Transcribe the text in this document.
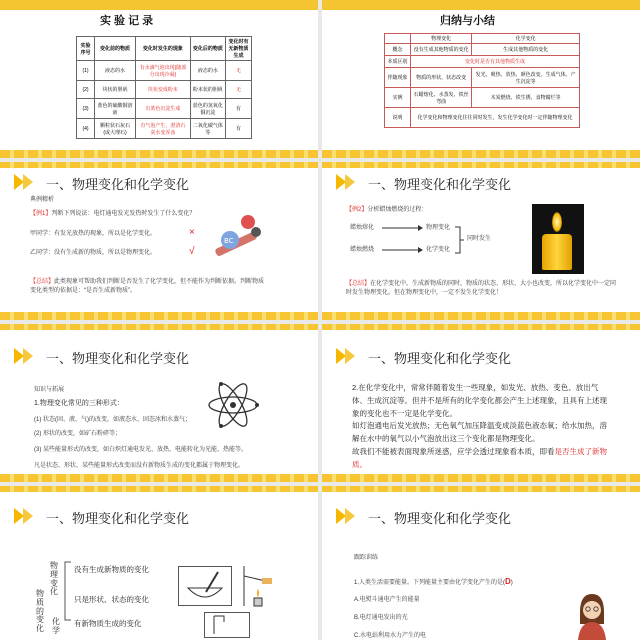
实 验 记 录
实验序号	变化前的物质	变化时发生的现象	变化后的物质	变化时有无新物质生成
(1)	液态的水	有水滴气泡出现(随部分出现冷凝)	液态的水	无
(2)	块状的胆矾	块状变成粉末	粉末状的胆矾	无
(3)	蓝色的硫酸铜溶液	有蓝色沉淀生成	蓝色的氢氧化铜沉淀	有
(4)	颗粒状石灰石(或大理石)	有气泡产生，澄清石灰水变浑浊	二氧化碳气体等	有
归纳与小结
	物理变化	化学变化
概念	没有生成其他物质的变化	生成其他物质的变化
本质区别	变化时是否有其他物质生成	
伴随现象	物质的形状、状态改变	发光、吸热、放热、颜色改变、生成气体、产生沉淀等
实例	石蜡熔化、水蒸发、铁丝弯曲	木炭燃烧、铁生锈、食物腐烂等
说明	化学变化和物理变化往往同时发生，发生化学变化时一定伴随物理变化	
一、物理变化和化学变化
典例精析
【例1】判断下列说法：电灯通电发光发热时发生了什么变化？
甲同学：有发光放热的现象，所以是化学变化。	×
乙同学：没有生成新的物质，所以是物理变化。	√
BC
【总结】此类现象可帮助我们判断是否发生了化学变化，但不能作为判断依据。判断物质变化类型的依据是：“是否生成新物质”。
一、物理变化和化学变化
【例2】分析蜡烛燃烧的过程：
蜡烛熔化
蜡烛燃烧
物理变化
化学变化
同时发生
【总结】在化学变化中，生成新物质的同时，物质的状态、形状、大小也改变，所以化学变化中一定同时发生物理变化，但在物理变化中，一定不发生化学变化！
一、物理变化和化学变化
知识与拓展
1.物理变化常见的三种形式：
(1) 状态(固、液、气)的改变，如液态水、固态冰和水蒸气；
(2) 形状的改变，如矿石粉碎等；
(3) 某些能量形式的改变，如白炽灯通电发光、放热，电能转化为光能、热能等。
凡是状态、形状、某些能量形式改变而没有新物质生成的变化都属于物理变化。
一、物理变化和化学变化
2.在化学变化中，常常伴随着发生一些现象，如发光、放热、变色、放出气体、生成沉淀等。但并不是所有的化学变化都会产生上述现象，且具有上述现象的变化也不一定是化学变化。
如灯泡通电后发光放热；无色氧气加压降温变成淡蓝色液态氧；给水加热，溶解在水中的氧气以小气泡放出这三个变化都是物理变化。
故我们不能被表面现象所迷惑，应学会透过现象看本质，即看是否生成了新物质。
一、物理变化和化学变化
物质的变化
物理变化
化学
没有生成新物质的变化
只是形状、状态的变化
有新物质生成的变化
一、物理变化和化学变化
跟踪训练
1.人类生活需要能量。下列能量主要由化学变化产生的是(D)
A.电熨斗通电产生的能量
B.电灯通电发出的光
C.水电站利用水力产生的电
